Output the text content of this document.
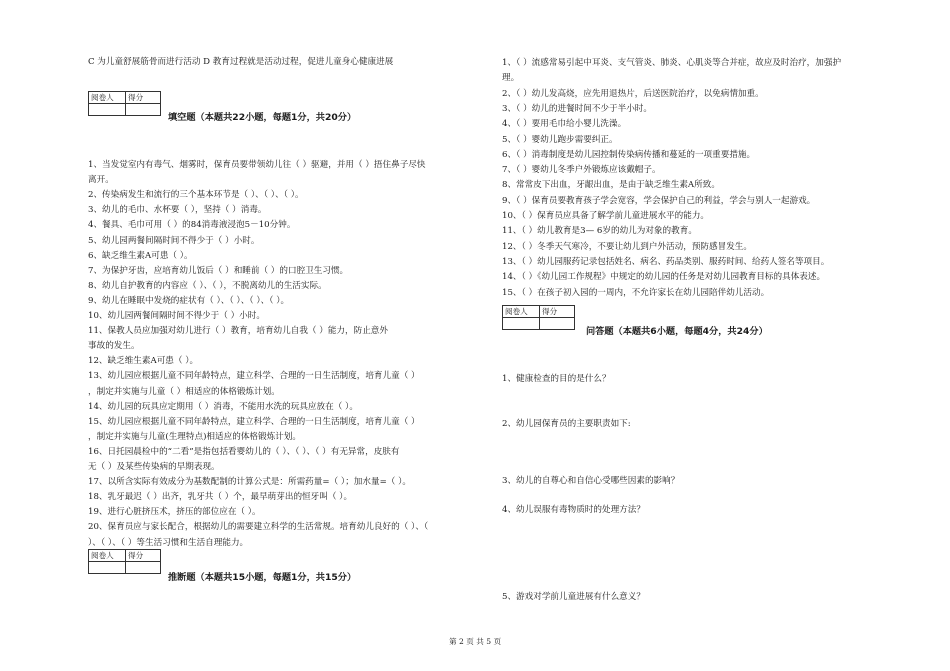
C 为儿童舒展筋骨而进行活动 D 教育过程就是活动过程，促进儿童身心健康进展
阅卷人	得分

填空题（本题共22小题，每题1分，共20分）
1、当发觉室内有毒气、烟雾时，保育员要带领幼儿往（ ）驱避，并用（ ）捂住鼻子尽快
离开。
2、传染病发生和流行的三个基本环节是（ ）、（ ）、（ ）。
3、幼儿的毛巾、水杯要（ ），坚持（ ）消毒。
4、餐具、毛巾可用（ ）的84消毒液浸泡5－10分钟。
5、幼儿园两餐间隔时间不得少于（ ）小时。
6、缺乏维生素A可患（ ）。
7、为保护牙齿，应培育幼儿饭后（ ）和睡前（ ）的口腔卫生习惯。
8、幼儿自护教育的内容应（ ）、（ ），不脱离幼儿的生活实际。
9、幼儿在睡眠中发烧的症状有（ ）、（ ）、（ ）、（ ）。
10、幼儿园两餐间隔时间不得少于（ ）小时。
11、保教人员应加强对幼儿进行（ ）教育，培育幼儿自我（ ）能力，防止意外
事故的发生。
12、缺乏维生素A可患（ ）。
13、幼儿园应根据儿童不同年龄特点，建立科学、合理的一日生活制度，培育儿童（ ）
，制定并实施与儿童（ ）相适应的体格锻炼计划。
14、幼儿园的玩具应定期用（ ）消毒，不能用水洗的玩具应放在（ ）。
15、幼儿园应根据儿童不同年龄特点，建立科学、合理的一日生活制度，培育儿童（ ）
，制定并实施与儿童(生理特点)相适应的体格锻炼计划。
16、日托园晨检中的“二看”是指包括看婴幼儿的（ ）、（ ）、（ ）有无异常，皮肤有
无（ ）及某些传染病的早期表现。
17、以所含实际有效成分为基数配制的计算公式是：所需药量=（ ）；加水量=（ ）。
18、乳牙最迟（ ）出齐，乳牙共（ ）个，最早萌芽出的恒牙叫（ ）。
19、进行心脏挤压术，挤压的部位应在（ ）。
20、保育员应与家长配合，根据幼儿的需要建立科学的生活常规。培育幼儿良好的（ ）、（
）、（ ）、（ ）等生活习惯和生活自理能力。
阅卷人	得分

推断题（本题共15小题，每题1分，共15分）
1、（ ）流感常易引起中耳炎、支气管炎、肺炎、心肌炎等合并症，故应及时治疗，加强护
理。
2、（ ）幼儿发高烧，应先用退热片，后送医院治疗，以免病情加重。
3、（ ）幼儿的进餐时间不少于半小时。
4、（ ）要用毛巾给小婴儿洗澡。
5、（ ）婴幼儿跑步需要纠正。
6、（ ）消毒制度是幼儿园控制传染病传播和蔓延的一项重要措施。
7、（ ）婴幼儿冬季户外锻炼应该戴帽子。
8、常常皮下出血，牙龈出血，是由于缺乏维生素A所致。
9、（ ）保育员要教育孩子学会宽容，学会保护自己的利益，学会与别人一起游戏。
10、（ ）保育员应具备了解学前儿童进展水平的能力。
11、（ ）幼儿教育是3— 6岁的幼儿为对象的教育。
12、（ ）冬季天气寒冷，不要让幼儿到户外活动，预防感冒发生。
13、（ ）幼儿园服药记录包括姓名、病名、药品类别、服药时间、给药人签名等项目。
14、（ ）《幼儿园工作规程》中规定的幼儿园的任务是对幼儿园教育目标的具体表述。
15、（ ）在孩子初入园的一周内，不允许家长在幼儿园陪伴幼儿活动。
阅卷人	得分

问答题（本题共6小题，每题4分，共24分）
1、健康检查的目的是什么？
2、幼儿园保育员的主要职责如下:
3、幼儿的自尊心和自信心受哪些因素的影响？
4、幼儿误服有毒物质时的处理方法？
5、游戏对学前儿童进展有什么意义？
第 2 页 共 5 页
